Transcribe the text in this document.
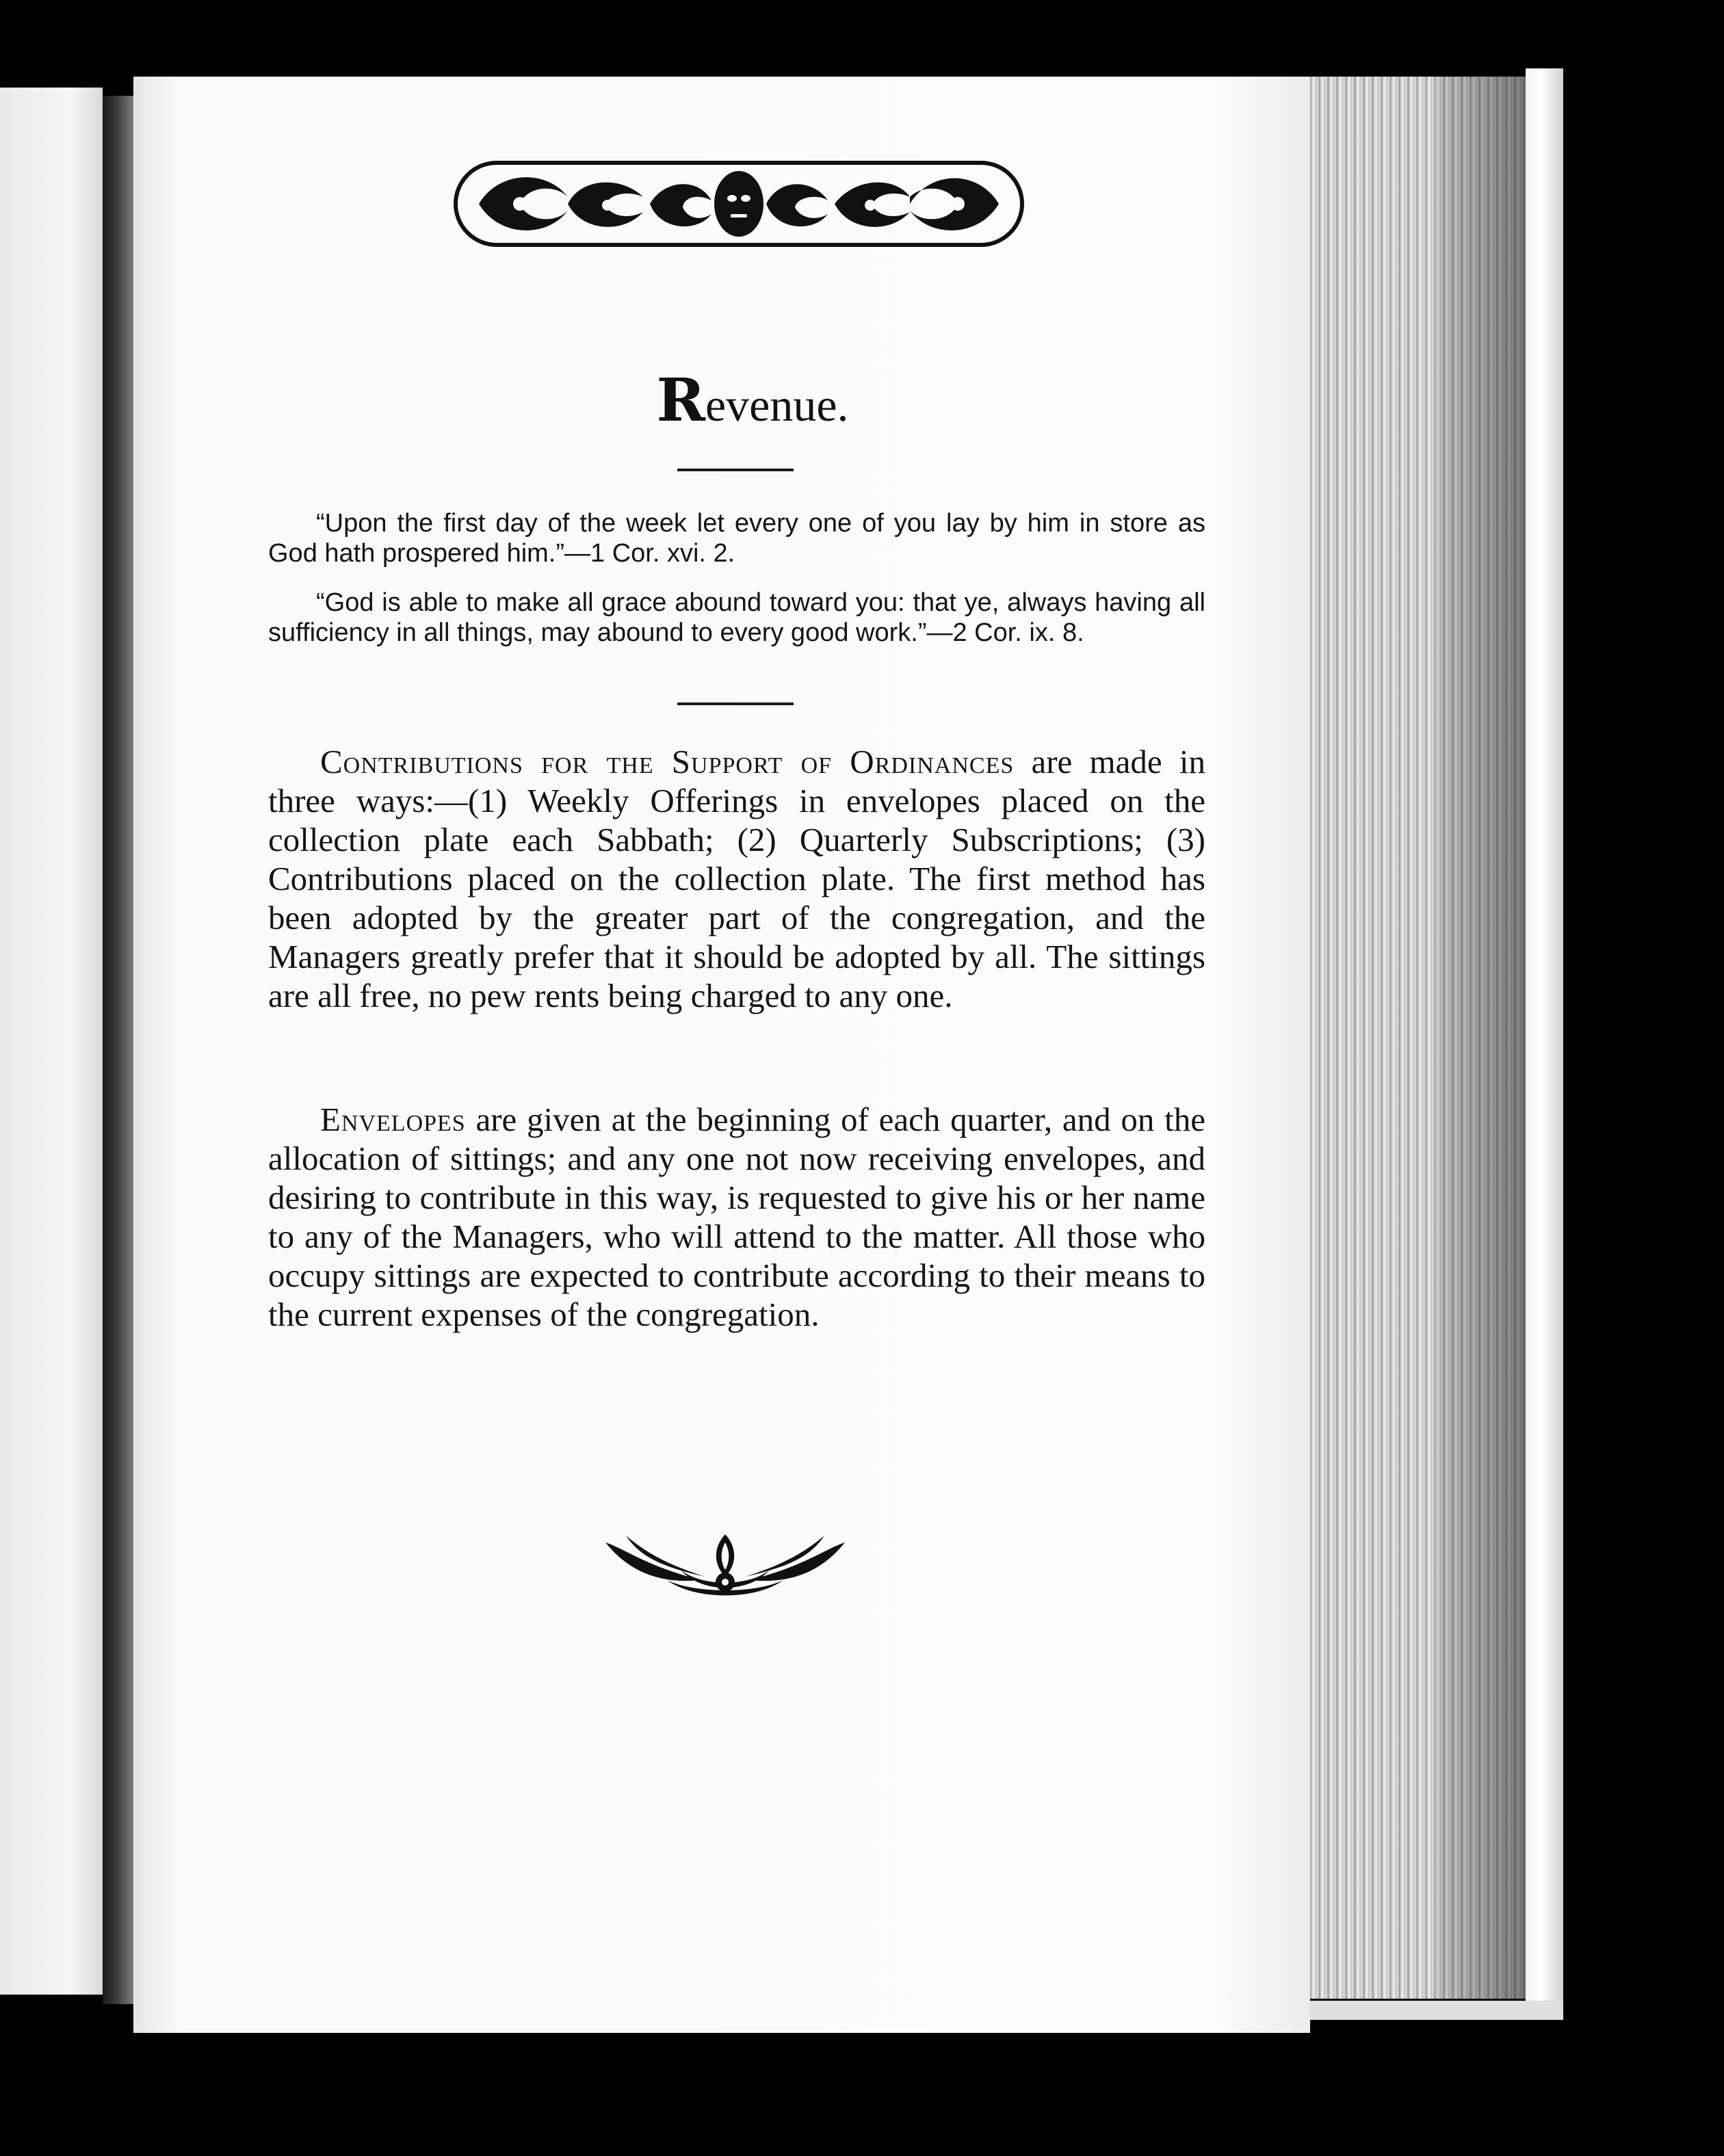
Revenue.

“Upon the first day of the week let every one of you lay by him in store as God hath prospered him.”—1 Cor. xvi. 2.

“God is able to make all grace abound toward you: that ye, always having all sufficiency in all things, may abound to every good work.”—2 Cor. ix. 8.

Contributions for the Support of Ordinances are made in three ways:—(1) Weekly Offerings in envelopes placed on the collection plate each Sabbath; (2) Quarterly Subscriptions; (3) Contributions placed on the collection plate. The first method has been adopted by the greater part of the congregation, and the Managers greatly prefer that it should be adopted by all. The sittings are all free, no pew rents being charged to any one.

Envelopes are given at the beginning of each quarter, and on the allocation of sittings; and any one not now receiving envelopes, and desiring to contribute in this way, is requested to give his or her name to any of the Managers, who will attend to the matter. All those who occupy sittings are expected to contribute according to their means to the current expenses of the congregation.
